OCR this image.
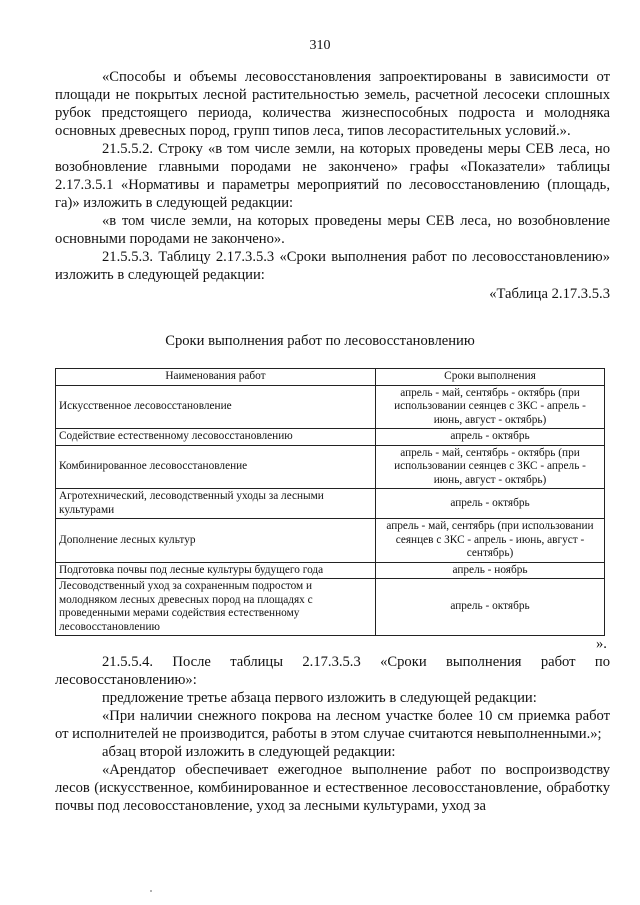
310

«Способы и объемы лесовосстановления запроектированы в зависимости от площади не покрытых лесной растительностью земель, расчетной лесосеки сплошных рубок предстоящего периода, количества жизнеспособных подроста и молодняка основных древесных пород, групп типов леса, типов лесорастительных условий.».

21.5.5.2. Строку «в том числе земли, на которых проведены меры СЕВ леса, но возобновление главными породами не закончено» графы «Показатели» таблицы 2.17.3.5.1 «Нормативы и параметры мероприятий по лесовосстановлению (площадь, га)» изложить в следующей редакции:

«в том числе земли, на которых проведены меры СЕВ леса, но возобновление основными породами не закончено».

21.5.5.3. Таблицу 2.17.3.5.3 «Сроки выполнения работ по лесовосстановлению» изложить в следующей редакции:

«Таблица 2.17.3.5.3

Сроки выполнения работ по лесовосстановлению
Наименования работ	Сроки выполнения
Искусственное лесовосстановление	апрель - май, сентябрь - октябрь (при использовании сеянцев с ЗКС - апрель - июнь, август - октябрь)
Содействие естественному лесовосстановлению	апрель - октябрь
Комбинированное лесовосстановление	апрель - май, сентябрь - октябрь (при использовании сеянцев с ЗКС - апрель - июнь, август - октябрь)
Агротехнический, лесоводственный уходы за лесными культурами	апрель - октябрь
Дополнение лесных культур	апрель - май, сентябрь (при использовании сеянцев с ЗКС - апрель - июнь, август - сентябрь)
Подготовка почвы под лесные культуры будущего года	апрель - ноябрь
Лесоводственный уход за сохраненным подростом и молодняком лесных древесных пород на площадях с проведенными мерами содействия естественному лесовосстановлению	апрель - октябрь
».

21.5.5.4. После таблицы 2.17.3.5.3 «Сроки выполнения работ по лесовосстановлению»:

предложение третье абзаца первого изложить в следующей редакции:

«При наличии снежного покрова на лесном участке более 10 см приемка работ от исполнителей не производится, работы в этом случае считаются невыполненными.»;

абзац второй изложить в следующей редакции:

«Арендатор обеспечивает ежегодное выполнение работ по воспроизводству лесов (искусственное, комбинированное и естественное лесовосстановление, обработку почвы под лесовосстановление, уход за лесными культурами, уход за
